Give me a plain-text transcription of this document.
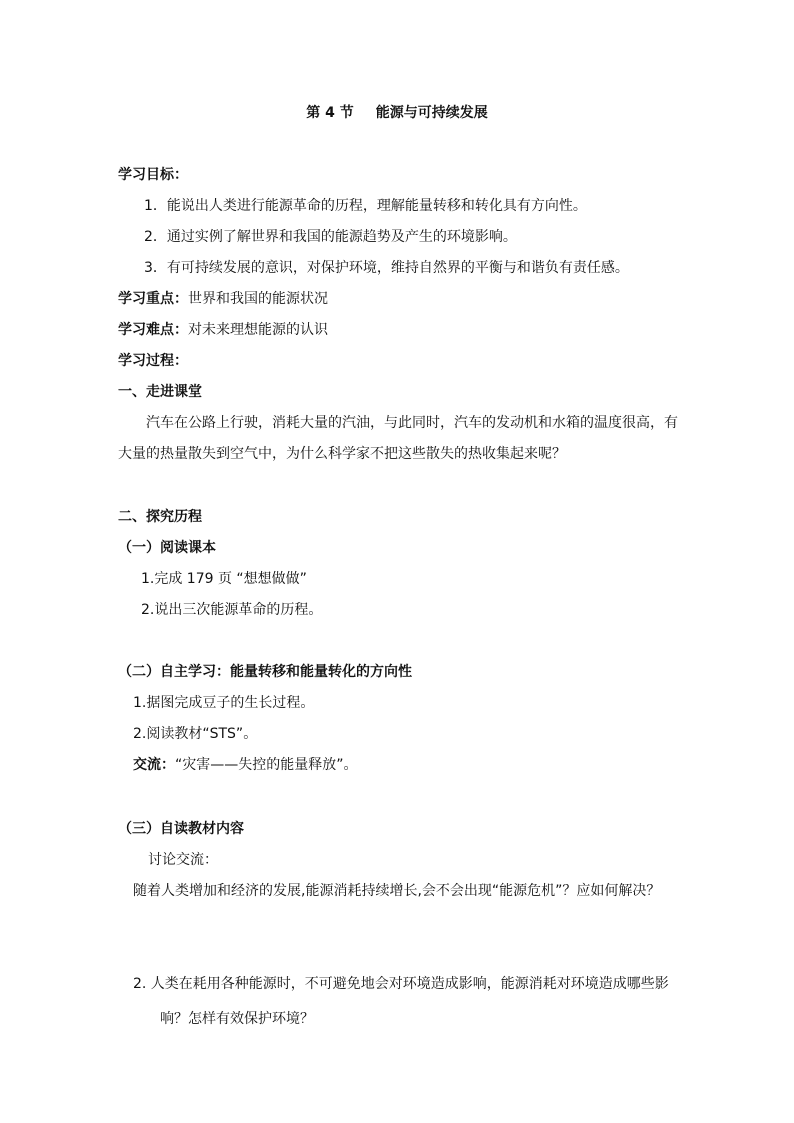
第 4 节 能源与可持续发展

学习目标：

1．能说出人类进行能源革命的历程，理解能量转移和转化具有方向性。

2．通过实例了解世界和我国的能源趋势及产生的环境影响。

3．有可持续发展的意识，对保护环境，维持自然界的平衡与和谐负有责任感。

学习重点：世界和我国的能源状况

学习难点：对未来理想能源的认识

学习过程：

一、走进课堂

汽车在公路上行驶，消耗大量的汽油，与此同时，汽车的发动机和水箱的温度很高，有

大量的热量散失到空气中，为什么科学家不把这些散失的热收集起来呢？

二、探究历程

（一）阅读课本

1.完成 179 页 “想想做做”

2.说出三次能源革命的历程。

（二）自主学习：能量转移和能量转化的方向性

1.据图完成豆子的生长过程。

2.阅读教材“STS”。

交流：“灾害——失控的能量释放”。

（三）自读教材内容

讨论交流：

随着人类增加和经济的发展,能源消耗持续增长,会不会出现“能源危机”？应如何解决？

2. 人类在耗用各种能源时，不可避免地会对环境造成影响，能源消耗对环境造成哪些影

响？怎样有效保护环境？
